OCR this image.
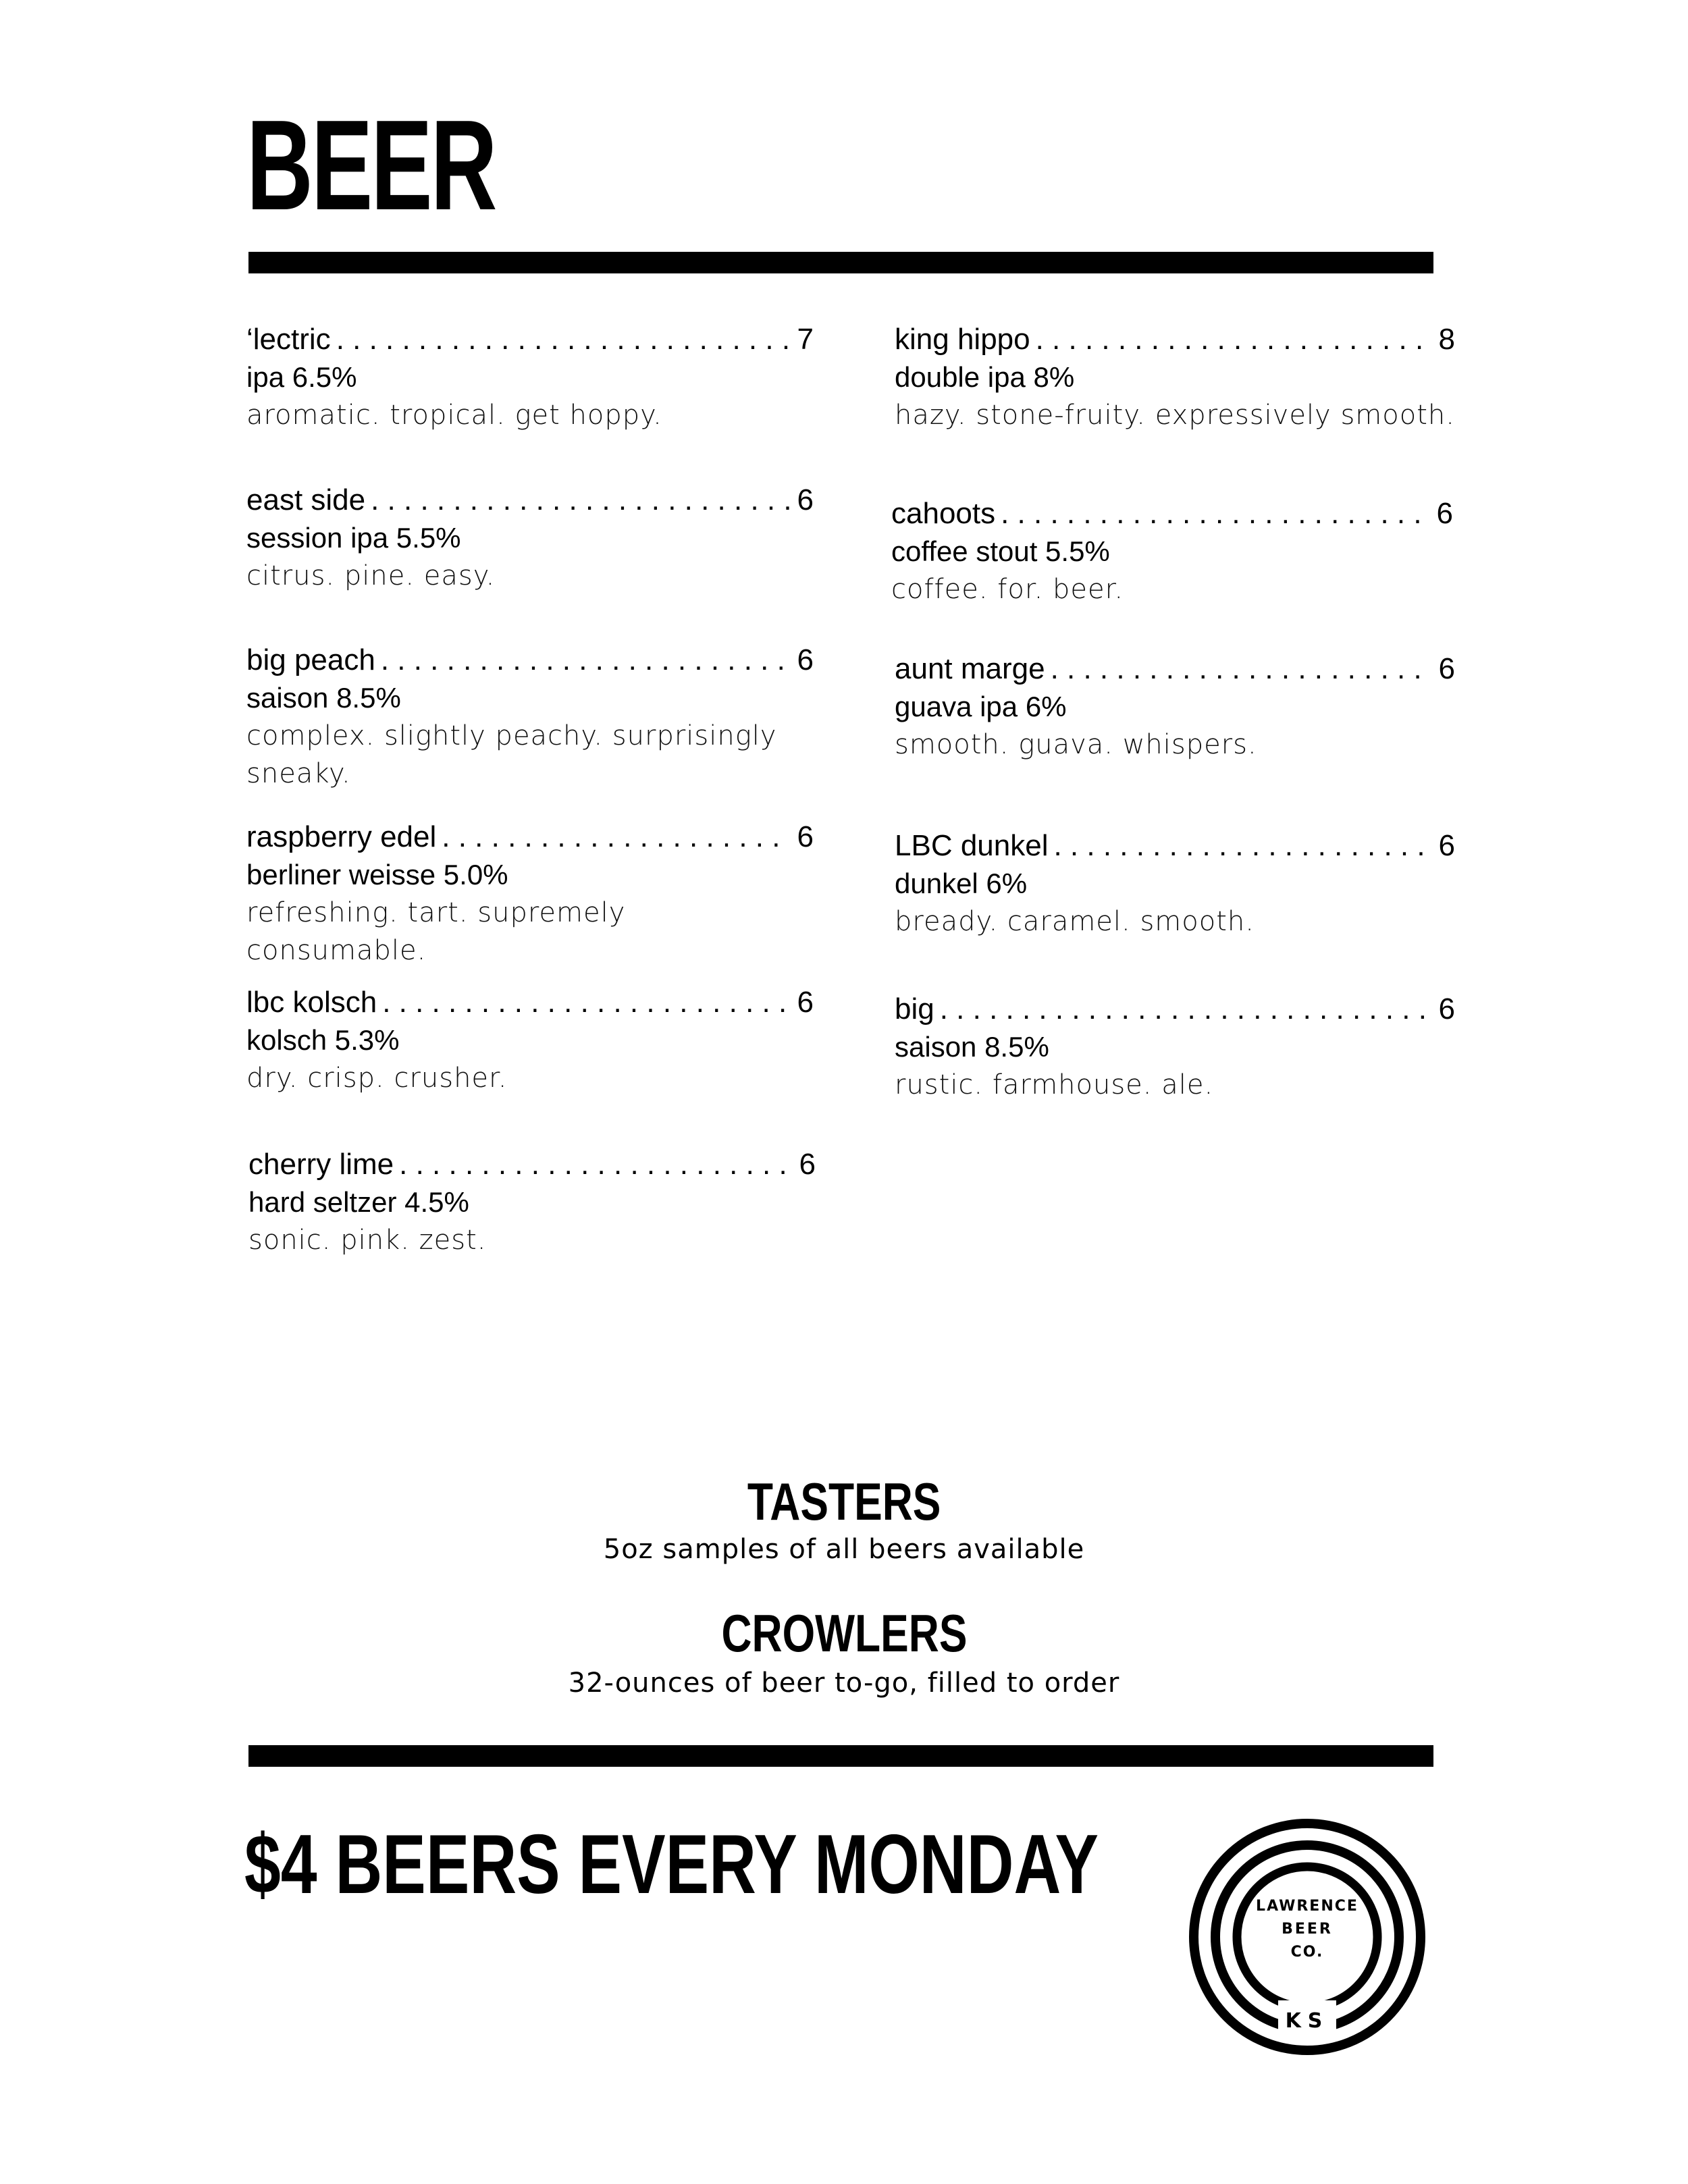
BEER
‘lectric . . .	7
ipa 6.5%
aromatic. tropical. get hoppy.
east side . . .	6
session ipa 5.5%
citrus. pine. easy.
big peach . . .	6
saison 8.5%
complex. slightly peachy. surprisingly sneaky.
raspberry edel . . .	6
berliner weisse 5.0%
refreshing. tart. supremely consumable.
lbc kolsch . . .	6
kolsch 5.3%
dry. crisp. crusher.
cherry lime . . .	6
hard seltzer 4.5%
sonic. pink. zest.
king hippo . . .	8
double ipa 8%
hazy. stone-fruity. expressively smooth.
cahoots . . .	6
coffee stout 5.5%
coffee. for. beer.
aunt marge . . .	6
guava ipa 6%
smooth. guava. whispers.
LBC dunkel . . .	6
dunkel 6%
bready. caramel. smooth.
big . . .	6
saison 8.5%
rustic. farmhouse. ale.
TASTERS
5oz samples of all beers available
CROWLERS
32-ounces of beer to-go, filled to order
$4 BEERS EVERY MONDAY	LAWRENCE
BEER
CO.
KS
